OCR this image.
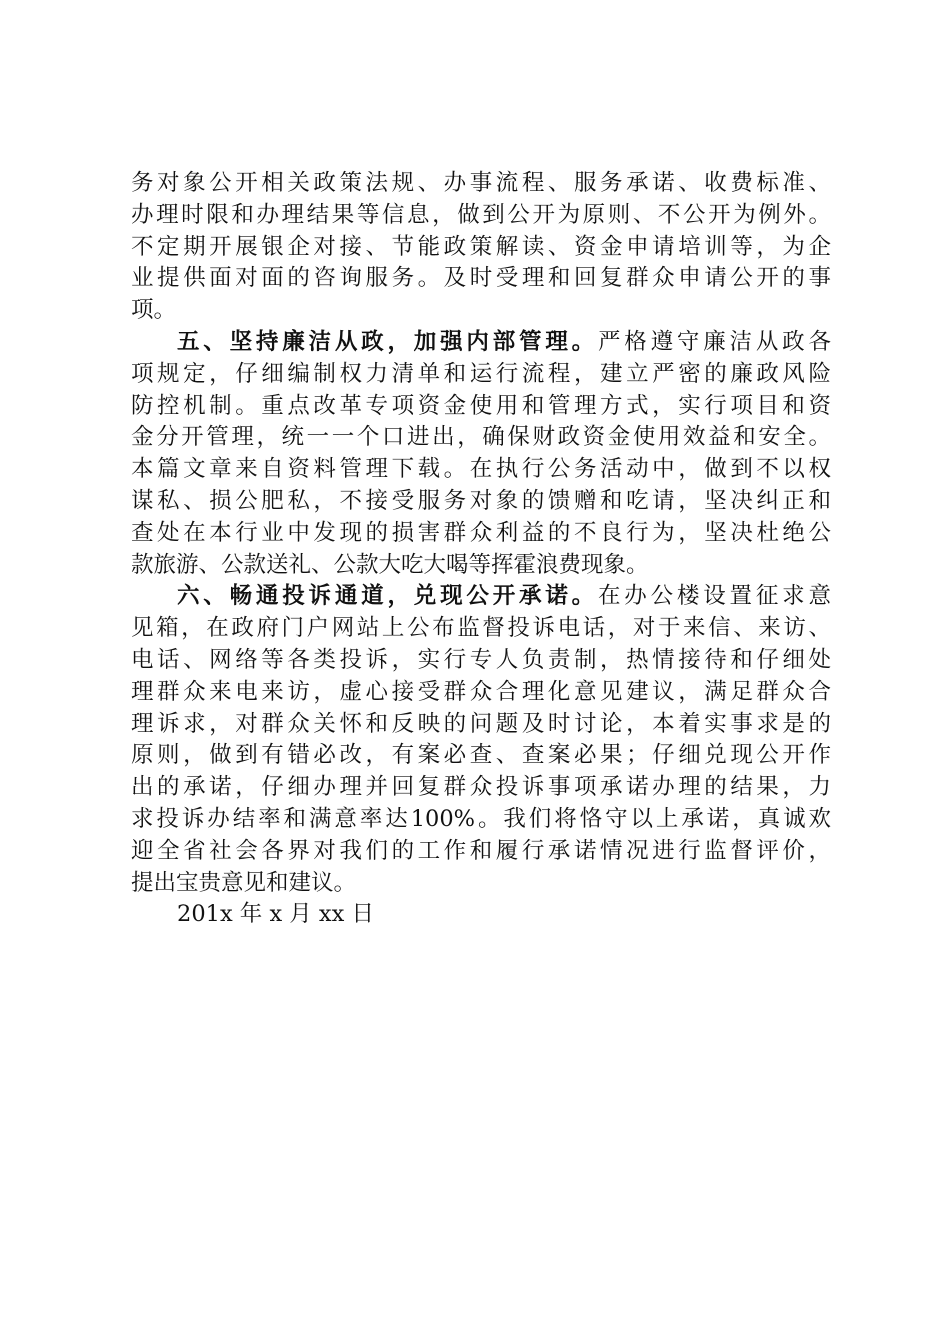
务对象公开相关政策法规、办事流程、服务承诺、收费标准、
办理时限和办理结果等信息，做到公开为原则、不公开为例外。
不定期开展银企对接、节能政策解读、资金申请培训等，为企
业提供面对面的咨询服务。及时受理和回复群众申请公开的事
项。
五、坚持廉洁从政，加强内部管理。严格遵守廉洁从政各
项规定，仔细编制权力清单和运行流程，建立严密的廉政风险
防控机制。重点改革专项资金使用和管理方式，实行项目和资
金分开管理，统一一个口进出，确保财政资金使用效益和安全。
本篇文章来自资料管理下载。在执行公务活动中，做到不以权
谋私、损公肥私，不接受服务对象的馈赠和吃请，坚决纠正和
查处在本行业中发现的损害群众利益的不良行为，坚决杜绝公
款旅游、公款送礼、公款大吃大喝等挥霍浪费现象。
六、畅通投诉通道，兑现公开承诺。在办公楼设置征求意
见箱，在政府门户网站上公布监督投诉电话，对于来信、来访、
电话、网络等各类投诉，实行专人负责制，热情接待和仔细处
理群众来电来访，虚心接受群众合理化意见建议，满足群众合
理诉求，对群众关怀和反映的问题及时讨论，本着实事求是的
原则，做到有错必改，有案必查、查案必果；仔细兑现公开作
出的承诺，仔细办理并回复群众投诉事项承诺办理的结果，力
求投诉办结率和满意率达100%。我们将恪守以上承诺，真诚欢
迎全省社会各界对我们的工作和履行承诺情况进行监督评价，
提出宝贵意见和建议。
201x 年 x 月 xx 日
